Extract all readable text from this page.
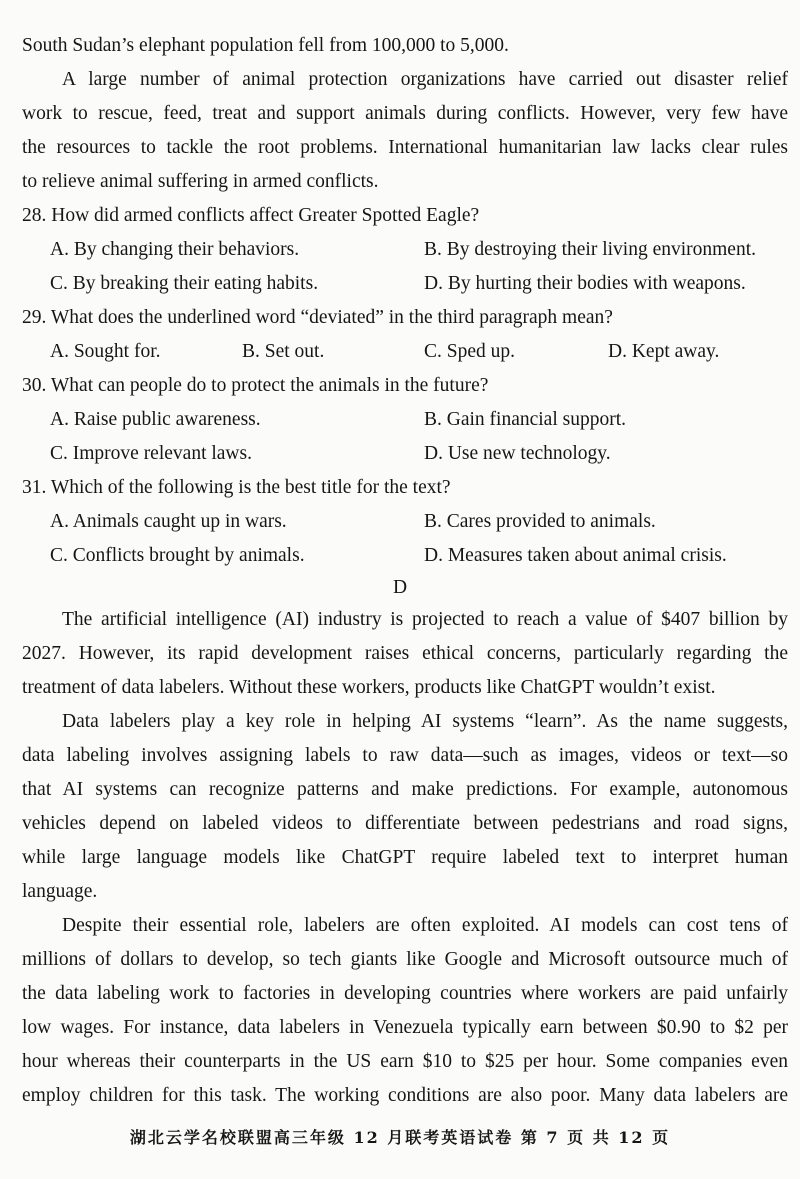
South Sudan’s elephant population fell from 100,000 to 5,000.
A large number of animal protection organizations have carried out disaster relief
work to rescue, feed, treat and support animals during conflicts. However, very few have
the resources to tackle the root problems. International humanitarian law lacks clear rules
to relieve animal suffering in armed conflicts.
28. How did armed conflicts affect Greater Spotted Eagle?
A. By changing their behaviors.	B. By destroying their living environment.
C. By breaking their eating habits.	D. By hurting their bodies with weapons.
29. What does the underlined word “deviated” in the third paragraph mean?
A. Sought for.	B. Set out.	C. Sped up.	D. Kept away.
30. What can people do to protect the animals in the future?
A. Raise public awareness.	B. Gain financial support.
C. Improve relevant laws.	D. Use new technology.
31. Which of the following is the best title for the text?
A. Animals caught up in wars.	B. Cares provided to animals.
C. Conflicts brought by animals.	D. Measures taken about animal crisis.
D
The artificial intelligence (AI) industry is projected to reach a value of $407 billion by
2027. However, its rapid development raises ethical concerns, particularly regarding the
treatment of data labelers. Without these workers, products like ChatGPT wouldn’t exist.
Data labelers play a key role in helping AI systems “learn”. As the name suggests,
data labeling involves assigning labels to raw data—such as images, videos or text—so
that AI systems can recognize patterns and make predictions. For example, autonomous
vehicles depend on labeled videos to differentiate between pedestrians and road signs,
while large language models like ChatGPT require labeled text to interpret human
language.
Despite their essential role, labelers are often exploited. AI models can cost tens of
millions of dollars to develop, so tech giants like Google and Microsoft outsource much of
the data labeling work to factories in developing countries where workers are paid unfairly
low wages. For instance, data labelers in Venezuela typically earn between $0.90 to $2 per
hour whereas their counterparts in the US earn $10 to $25 per hour. Some companies even
employ children for this task. The working conditions are also poor. Many data labelers are
湖北云学名校联盟高三年级 12 月联考英语试卷 第 7 页 共 12 页
